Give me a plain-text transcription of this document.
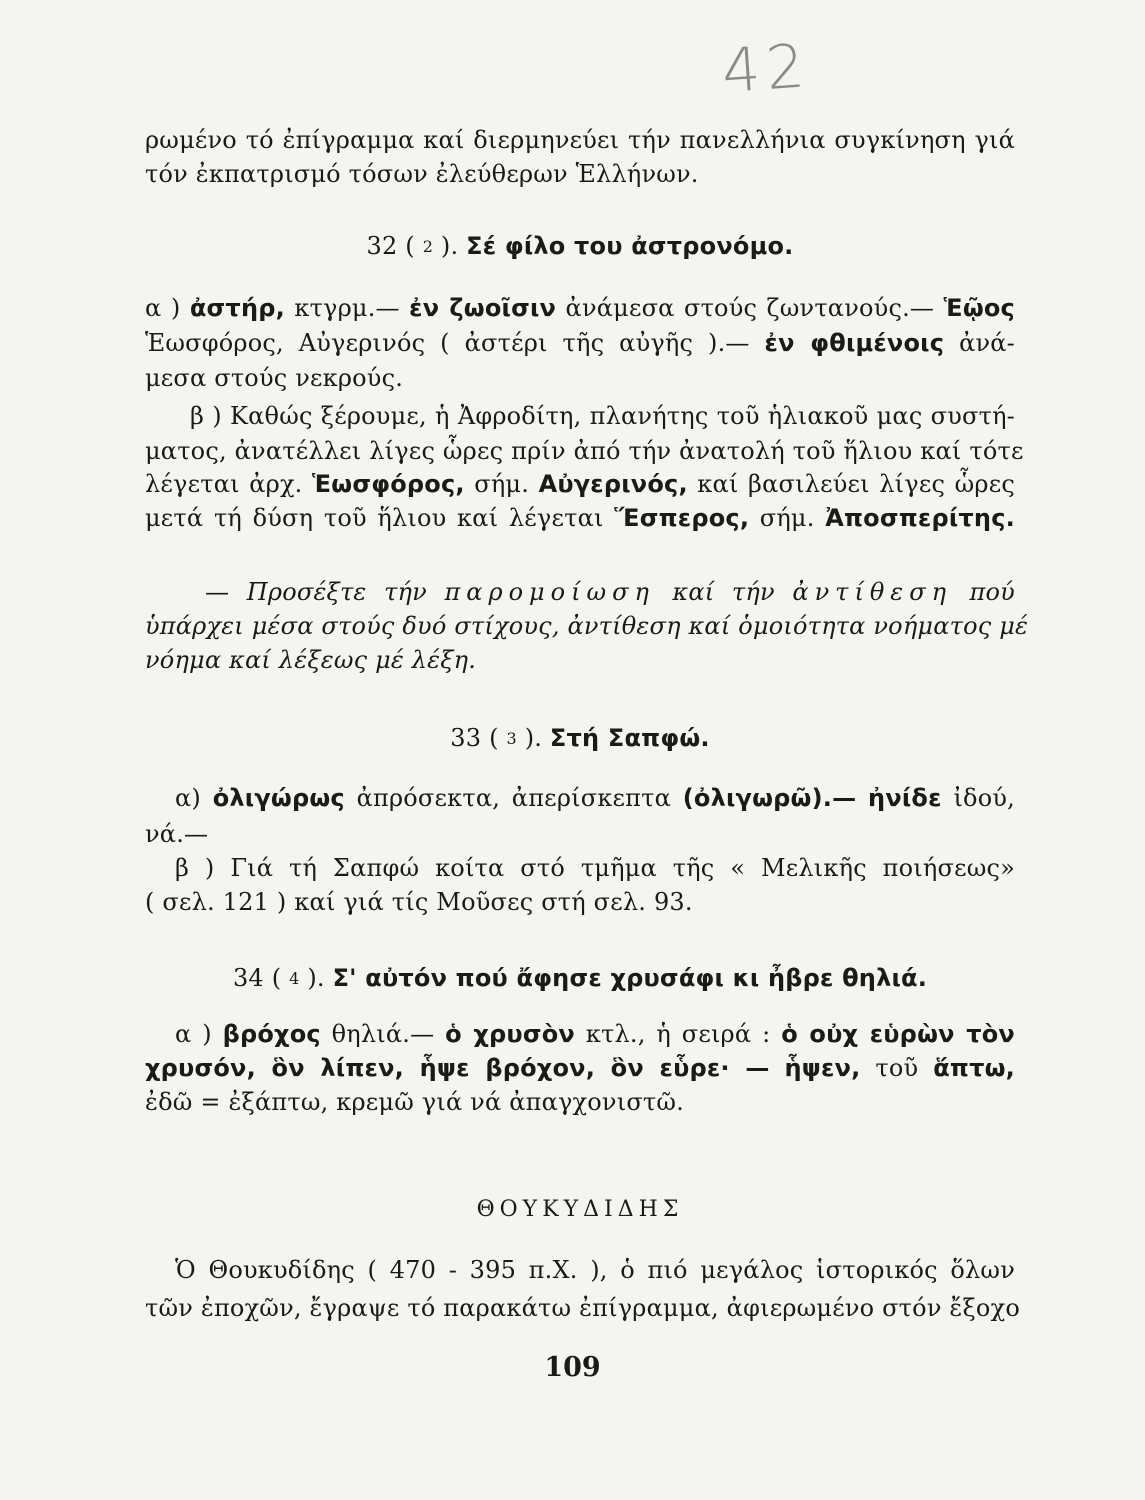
42
ρωμένο τό ἐπίγραμμα καί διερμηνεύει τήν πανελλήνια συγκίνηση γιά
τόν ἐκπατρισμό τόσων ἐλεύθερων Ἑλλήνων.
32 ( 2 ). Σέ φίλο του ἀστρονόμο.
α ) ἀστήρ, κτγρμ.— ἐν ζωοῖσιν ἀνάμεσα στούς ζωντανούς.— Ἑῷος
Ἑωσφόρος, Αὐγερινός ( ἀστέρι τῆς αὐγῆς ).— ἐν φθιμένοις ἀνά-
μεσα στούς νεκρούς.
β ) Καθώς ξέρουμε, ἡ Ἀφροδίτη, πλανήτης τοῦ ἡλιακοῦ μας συστή-
ματος, ἀνατέλλει λίγες ὧρες πρίν ἀπό τήν ἀνατολή τοῦ ἥλιου καί τότε
λέγεται ἀρχ. Ἑωσφόρος, σήμ. Αὐγερινός, καί βασιλεύει λίγες ὧρες
μετά τή δύση τοῦ ἥλιου καί λέγεται Ἕσπερος, σήμ. Ἀποσπερίτης.
— Προσέξτε τήν παρομοίωση καί τήν ἀντίθεση πού
ὑπάρχει μέσα στούς δυό στίχους, ἀντίθεση καί ὁμοιότητα νοήματος μέ
νόημα καί λέξεως μέ λέξη.
33 ( 3 ). Στή Σαπφώ.
α) ὀλιγώρως ἀπρόσεκτα, ἀπερίσκεπτα (ὀλιγωρῶ).— ἠνίδε ἰδού,
νά.—
β ) Γιά τή Σαπφώ κοίτα στό τμῆμα τῆς « Μελικῆς ποιήσεως»
( σελ. 121 ) καί γιά τίς Μοῦσες στή σελ. 93.
34 ( 4 ). Σ' αὐτόν πού ἄφησε χρυσάφι κι ἦβρε θηλιά.
α ) βρόχος θηλιά.— ὁ χρυσὸν κτλ., ἡ σειρά : ὁ οὐχ εὑρὼν τὸν
χρυσόν, ὃν λίπεν, ἧψε βρόχον, ὃν εὗρε· — ἧψεν, τοῦ ἅπτω,
ἐδῶ = ἐξάπτω, κρεμῶ γιά νά ἀπαγχονιστῶ.
ΘΟΥΚΥΔΙΔΗΣ
Ὁ Θουκυδίδης ( 470 - 395 π.Χ. ), ὁ πιό μεγάλος ἱστορικός ὅλων
τῶν ἐποχῶν, ἔγραψε τό παρακάτω ἐπίγραμμα, ἀφιερωμένο στόν ἔξοχο
109
